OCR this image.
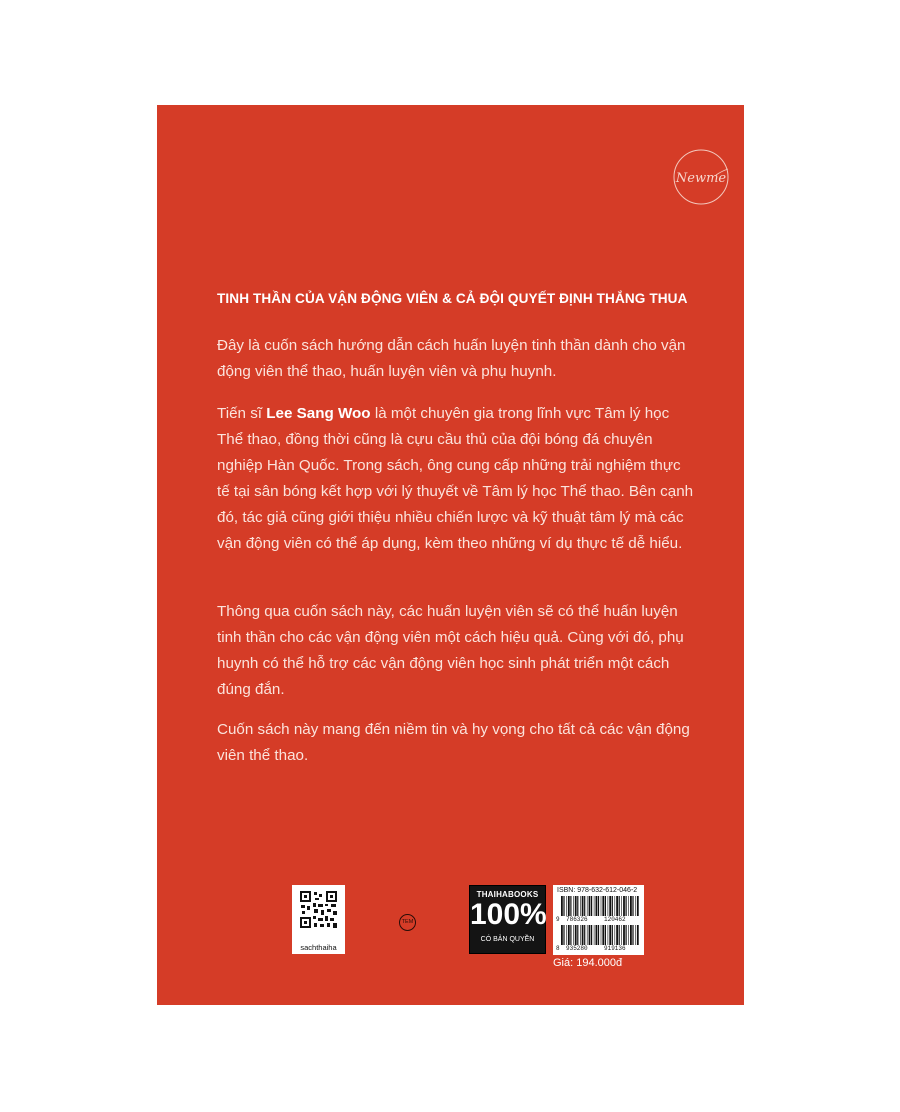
Newme
TINH THẦN CỦA VẬN ĐỘNG VIÊN & CẢ ĐỘI QUYẾT ĐỊNH THẮNG THUA

Đây là cuốn sách hướng dẫn cách huấn luyện tinh thần dành cho vận động viên thể thao, huấn luyện viên và phụ huynh.

Tiến sĩ Lee Sang Woo là một chuyên gia trong lĩnh vực Tâm lý học Thể thao, đồng thời cũng là cựu cầu thủ của đội bóng đá chuyên nghiệp Hàn Quốc. Trong sách, ông cung cấp những trải nghiệm thực tế tại sân bóng kết hợp với lý thuyết về Tâm lý học Thể thao. Bên cạnh đó, tác giả cũng giới thiệu nhiều chiến lược và kỹ thuật tâm lý mà các vận động viên có thể áp dụng, kèm theo những ví dụ thực tế dễ hiểu.

Thông qua cuốn sách này, các huấn luyện viên sẽ có thể huấn luyện tinh thần cho các vận động viên một cách hiệu quả. Cùng với đó, phụ huynh có thể hỗ trợ các vận động viên học sinh phát triển một cách đúng đắn.

Cuốn sách này mang đến niềm tin và hy vọng cho tất cả các vận động viên thể thao.

sachthaiha
TEM
THAIHABOOKS
100%
CÓ BẢN QUYỀN
ISBN: 978-632-612-046-2
9 786326	120462
8 935280	919136
Giá: 194.000đ
